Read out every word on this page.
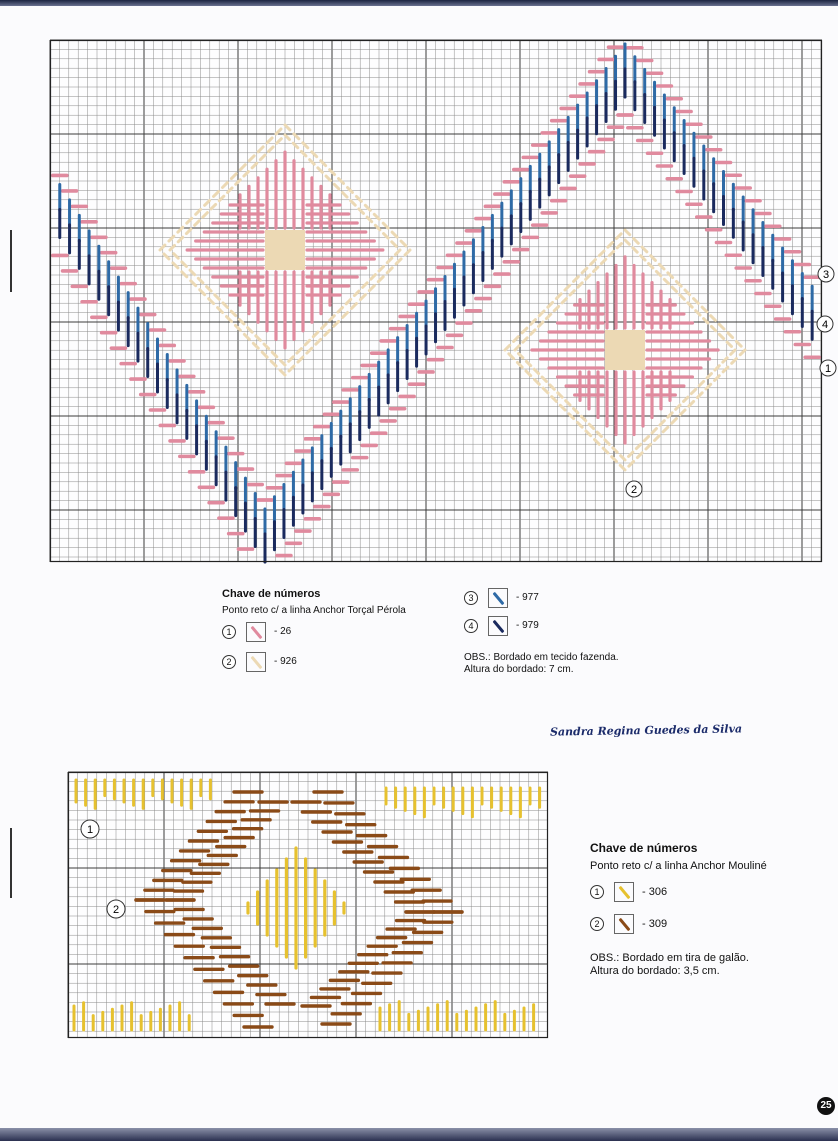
3
4
1
2
Chave de números
Ponto reto c/ a linha Anchor Torçal Pérola
1	- 26
2	- 926
3	- 977
4	- 979
OBS.: Bordado em tecido fazenda.
Altura do bordado: 7 cm.
Sandra Regina Guedes da Silva
1
2
Chave de números
Ponto reto c/ a linha Anchor Mouliné
1	- 306
2	- 309
OBS.: Bordado em tira de galão.
Altura do bordado: 3,5 cm.
25
